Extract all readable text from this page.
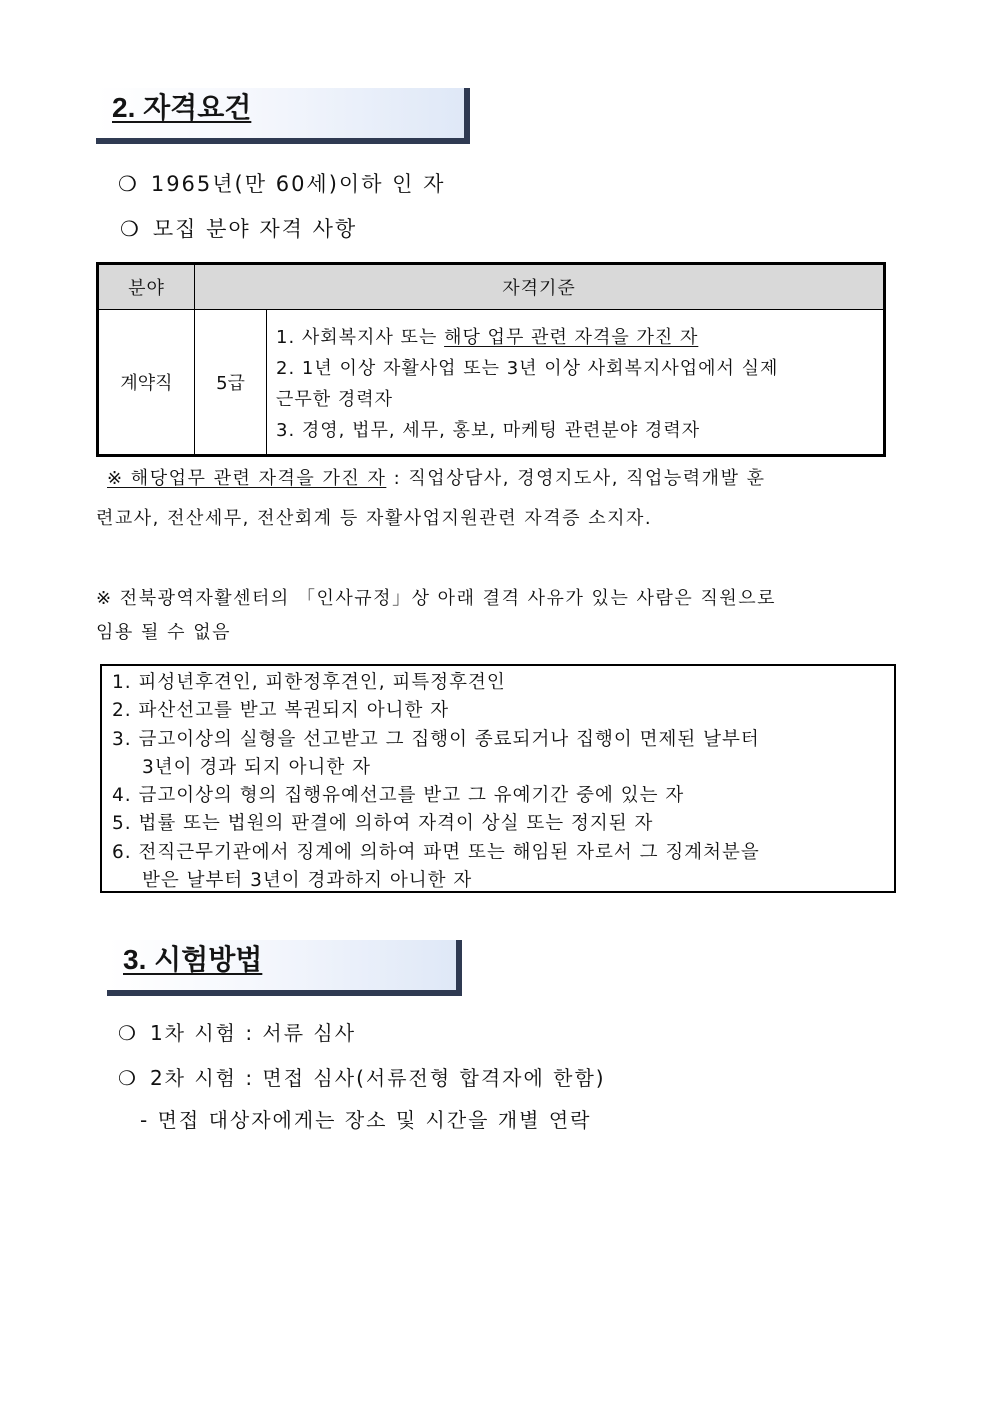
2. 자격요건
❍ 1965년(만 60세)이하 인 자
❍ 모집 분야 자격 사항
분야	자격기준	
계약직	5급	1. 사회복지사 또는 해당 업무 관련 자격을 가진 자
2. 1년 이상 자활사업 또는 3년 이상 사회복지사업에서 실제
근무한 경력자
3. 경영, 법무, 세무, 홍보, 마케팅 관련분야 경력자
※ 해당업무 관련 자격을 가진 자 : 직업상담사, 경영지도사, 직업능력개발 훈
련교사, 전산세무, 전산회계 등 자활사업지원관련 자격증 소지자.
※ 전북광역자활센터의 「인사규정」상 아래 결격 사유가 있는 사람은 직원으로
임용 될 수 없음
1. 피성년후견인, 피한정후견인, 피특정후견인
2. 파산선고를 받고 복권되지 아니한 자
3. 금고이상의 실형을 선고받고 그 집행이 종료되거나 집행이 면제된 날부터
3년이 경과 되지 아니한 자
4. 금고이상의 형의 집행유예선고를 받고 그 유예기간 중에 있는 자
5. 법률 또는 법원의 판결에 의하여 자격이 상실 또는 정지된 자
6. 전직근무기관에서 징계에 의하여 파면 또는 해임된 자로서 그 징계처분을
받은 날부터 3년이 경과하지 아니한 자
3. 시험방법
❍ 1차 시험 : 서류 심사
❍ 2차 시험 : 면접 심사(서류전형 합격자에 한함)
- 면접 대상자에게는 장소 및 시간을 개별 연락
